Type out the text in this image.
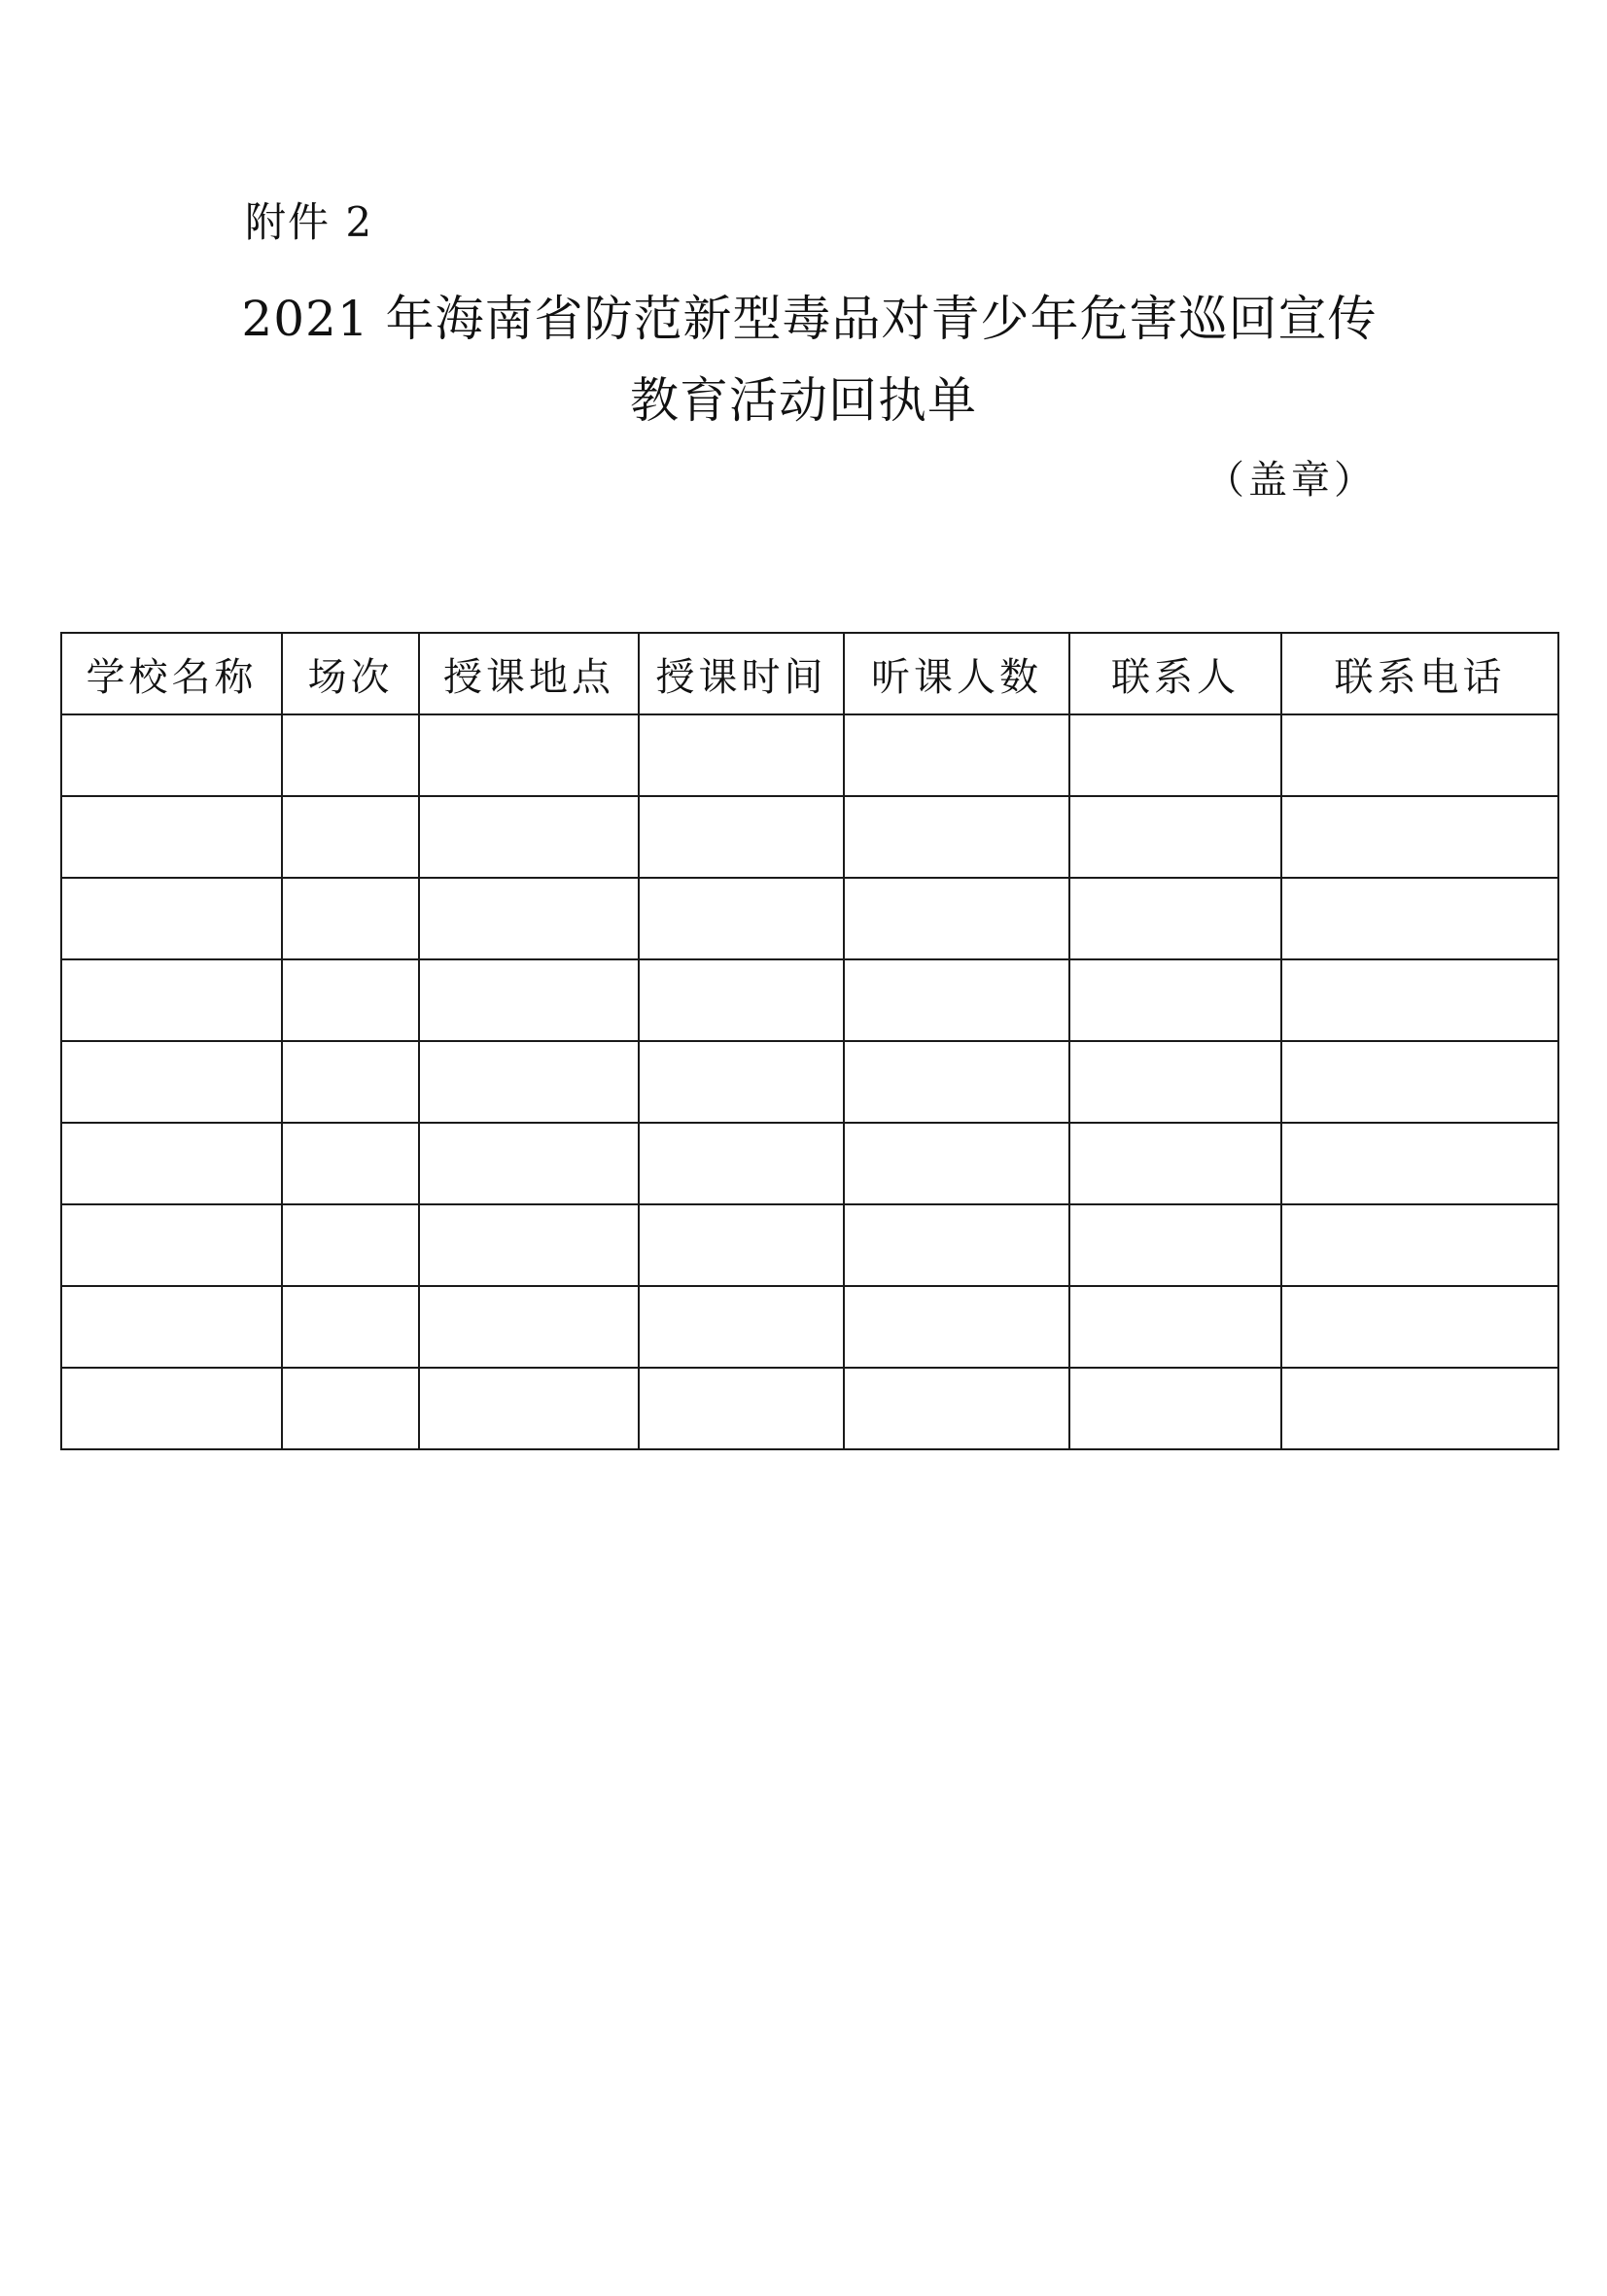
附件 2
2021 年海南省防范新型毒品对青少年危害巡回宣传
教育活动回执单
（盖章）
学校名称	场次	授课地点	授课时间	听课人数	联系人	联系电话
